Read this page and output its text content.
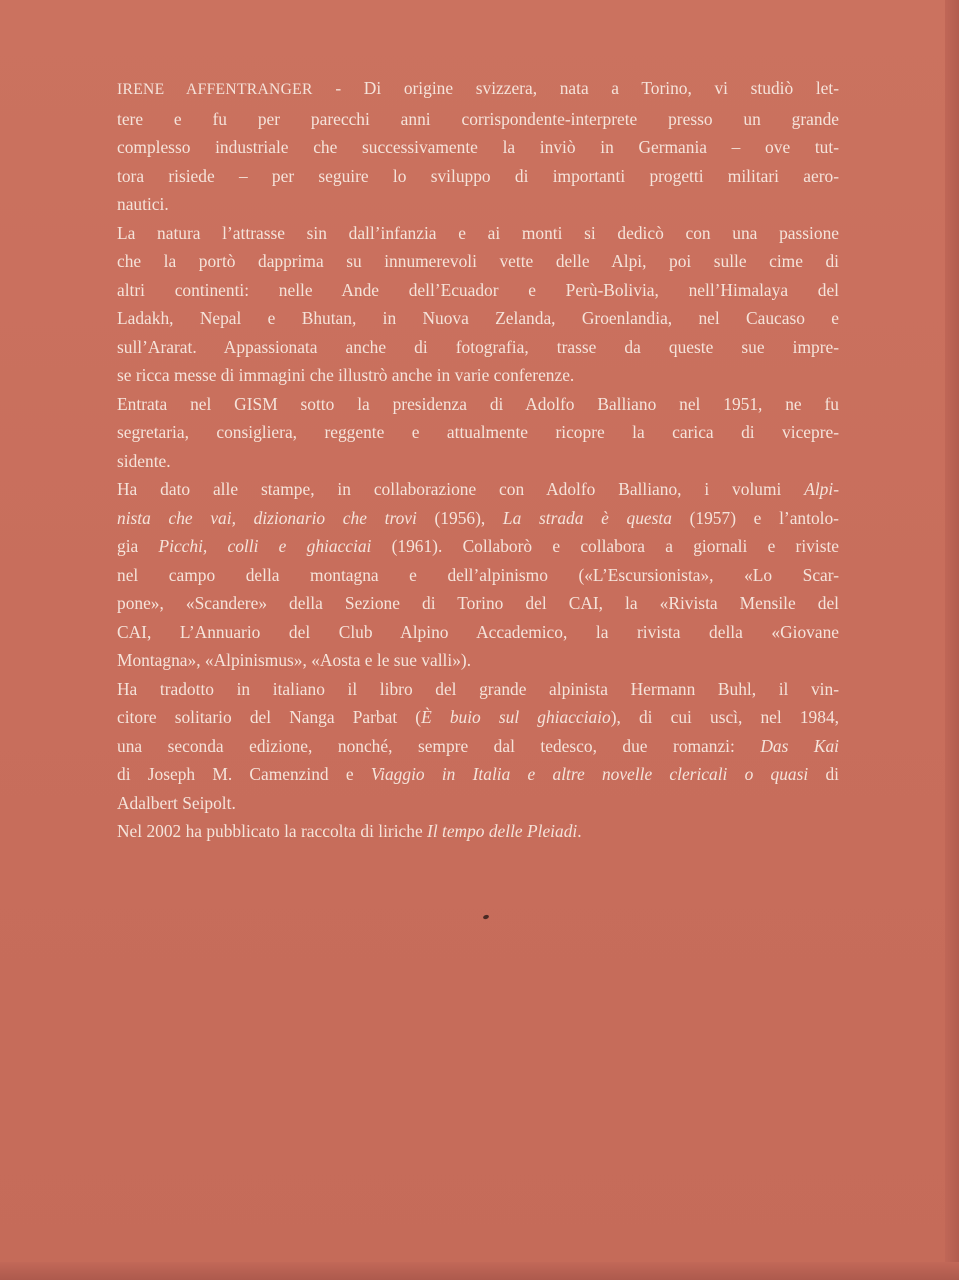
IRENE AFFENTRANGER - Di origine svizzera, nata a Torino, vi studiò let-
tere e fu per parecchi anni corrispondente-interprete presso un grande
complesso industriale che successivamente la inviò in Germania – ove tut-
tora risiede – per seguire lo sviluppo di importanti progetti militari aero-
nautici.

La natura l’attrasse sin dall’infanzia e ai monti si dedicò con una passione
che la portò dapprima su innumerevoli vette delle Alpi, poi sulle cime di
altri continenti: nelle Ande dell’Ecuador e Perù-Bolivia, nell’Himalaya del
Ladakh, Nepal e Bhutan, in Nuova Zelanda, Groenlandia, nel Caucaso e
sull’Ararat. Appassionata anche di fotografia, trasse da queste sue impre-
se ricca messe di immagini che illustrò anche in varie conferenze.

Entrata nel GISM sotto la presidenza di Adolfo Balliano nel 1951, ne fu
segretaria, consigliera, reggente e attualmente ricopre la carica di vicepre-
sidente.

Ha dato alle stampe, in collaborazione con Adolfo Balliano, i volumi Alpi-
nista che vai, dizionario che trovi (1956), La strada è questa (1957) e l’antolo-
gia Picchi, colli e ghiacciai (1961). Collaborò e collabora a giornali e riviste
nel campo della montagna e dell’alpinismo («L’Escursionista», «Lo Scar-
pone», «Scandere» della Sezione di Torino del CAI, la «Rivista Mensile del
CAI, L’Annuario del Club Alpino Accademico, la rivista della «Giovane
Montagna», «Alpinismus», «Aosta e le sue valli»).

Ha tradotto in italiano il libro del grande alpinista Hermann Buhl, il vin-
citore solitario del Nanga Parbat (È buio sul ghiacciaio), di cui uscì, nel 1984,
una seconda edizione, nonché, sempre dal tedesco, due romanzi: Das Kai
di Joseph M. Camenzind e Viaggio in Italia e altre novelle clericali o quasi di
Adalbert Seipolt.

Nel 2002 ha pubblicato la raccolta di liriche Il tempo delle Pleiadi.
